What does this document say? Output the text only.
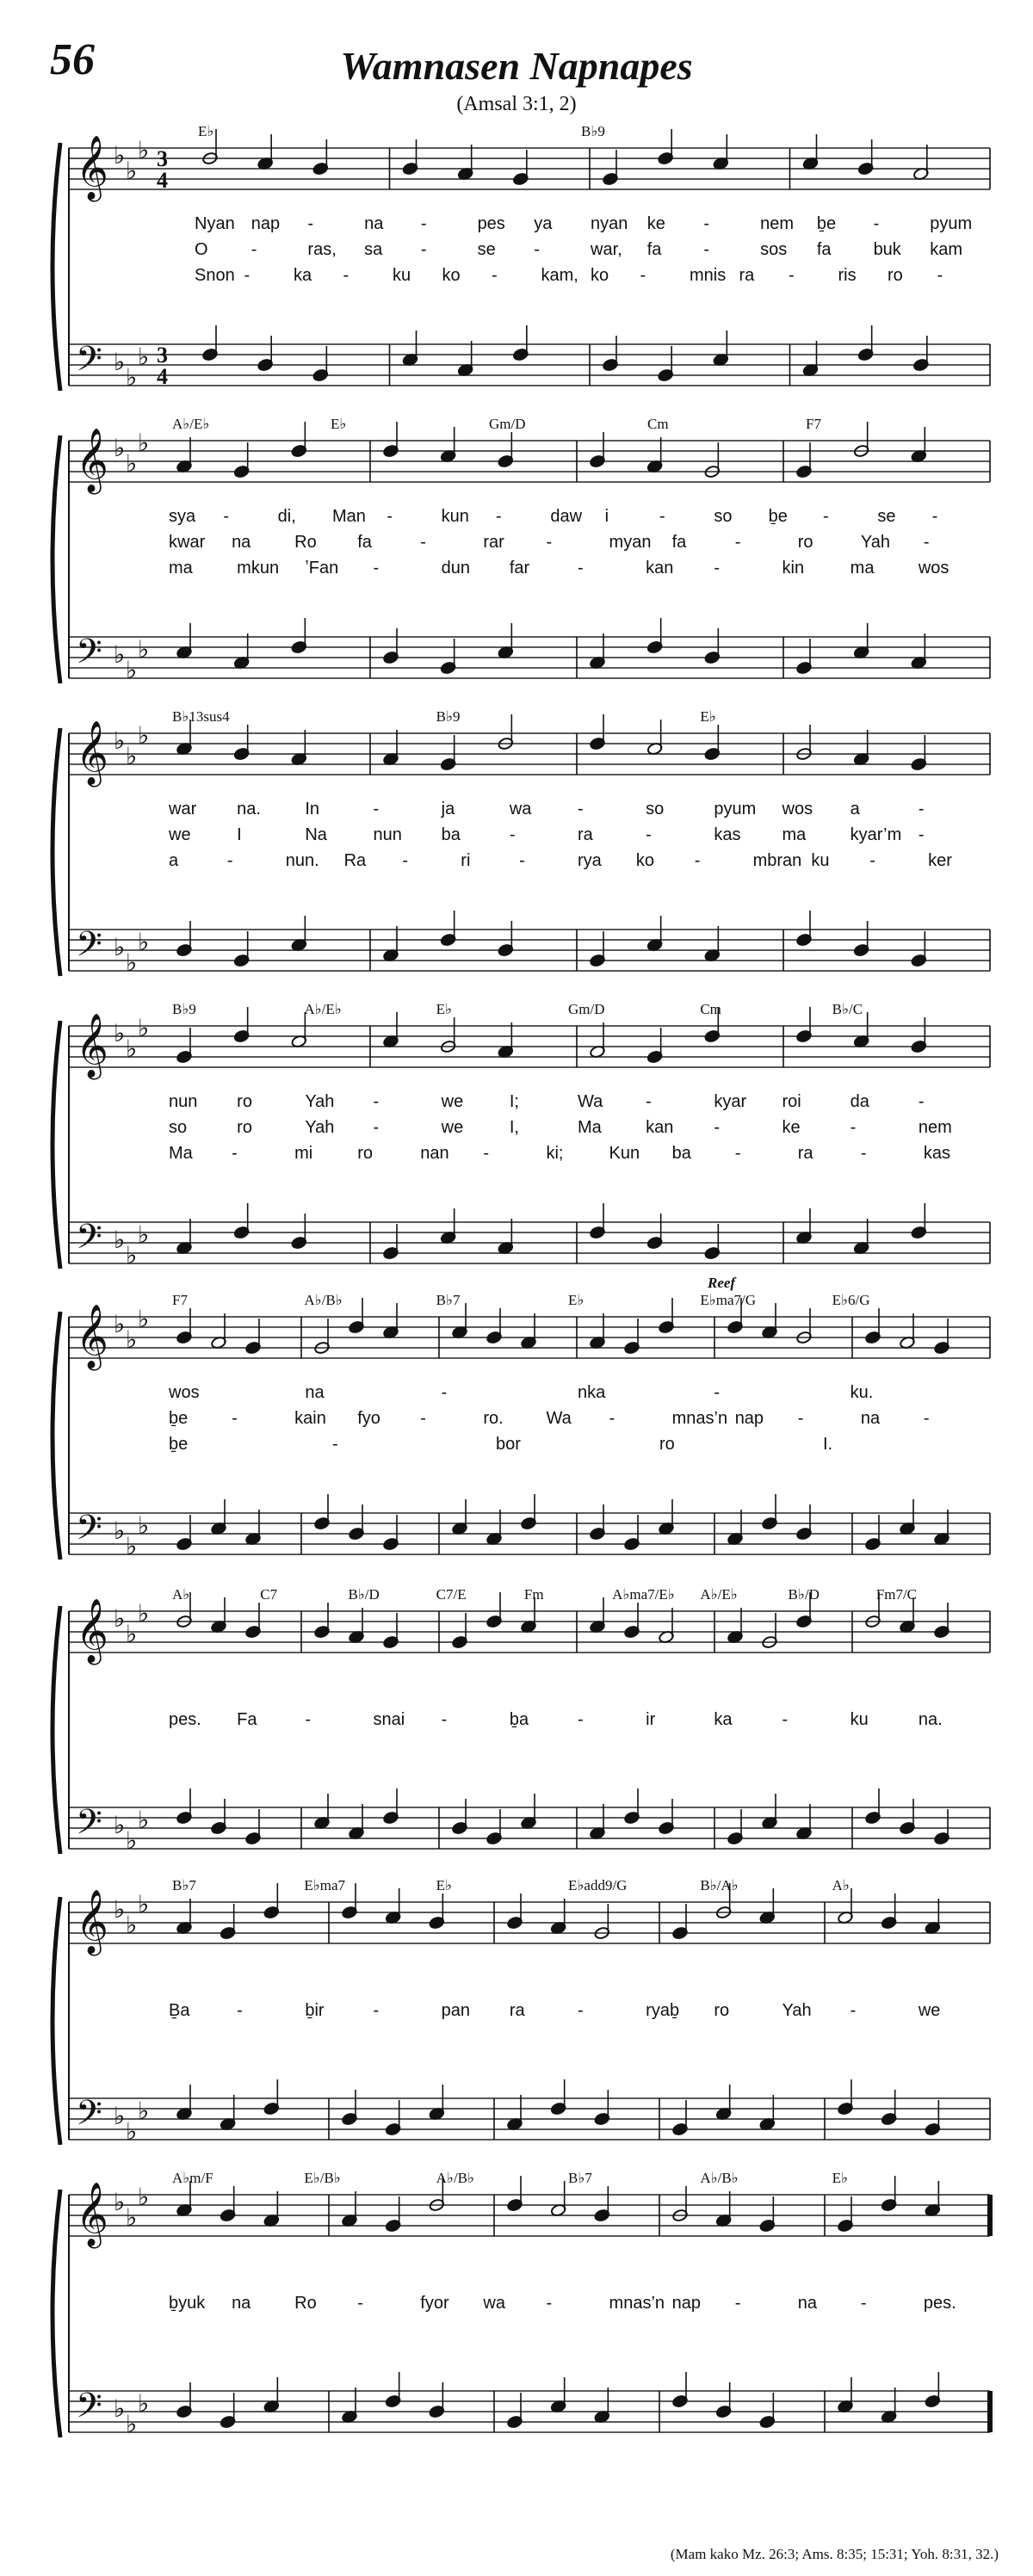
56	Wamnasen Napnapes
(Amsal 3:1, 2)
𝄞 ♭
♭
♭ 3
4
𝄢 ♭
♭
♭ 3
4
E♭	B♭9
Nyan nap -	na -	pes ya nyan ke -	nem ḇe -	pyum
O	-	ras, sa -	se -	war, fa -	sos fa buk kam
Snon -	ka -	ku ko -	kam, ko -	mnis ra -	ris ro -
𝄞 ♭
♭
♭
𝄢 ♭
♭
♭
A♭/E♭	E♭	Gm/D	Cm	F7
sya -	di, Man -	kun -	daw i	-	so ḇe -	se -
kwar na	Ro fa	-	rar -	myan fa	-	ro	Yah -
ma	mkun ʼFan -	dun far	-	kan -	kin	ma	wos
𝄞 ♭
♭
♭
𝄢 ♭
♭
♭
B♭13sus4	B♭9	E♭
war na.	In	-	ja	wa	-	so	pyum wos a	-
we	I	Na	nun ba	-	ra	-	kas ma	kyar’m -
a	-	nun. Ra -	ri	-	rya ko -	mbran ku -	ker
𝄞 ♭
♭
♭
𝄢 ♭
♭
♭
B♭9	A♭/E♭	E♭	Gm/D	Cm	B♭/C
nun ro	Yah -	we	I;	Wa -	kyar roi	da	-
so	ro	Yah -	we	I,	Ma	kan -	ke	-	nem
Ma -	mi	ro	nan -	ki;	Kun ba	-	ra	-	kas
𝄞 ♭
♭
♭
𝄢 ♭
♭
♭
F7	A♭/B♭	B♭7	E♭	E♭ma7/G	E♭6/G
Reef
wos	na	-	nka	-	ku.
ḇe	-	kain fyo -	ro. Wa -	mnas’n nap -	na	-
ḇe	-	bor	ro	I.
𝄞 ♭
♭
♭
𝄢 ♭
♭
♭
A♭	C7	B♭/D	C7/E	Fm	A♭ma7/E♭ A♭/E♭	B♭/D	Fm7/C
pes. Fa	-	snai -	ḇa	-	ir	ka	-	ku	na.
𝄞 ♭
♭
♭
𝄢 ♭
♭
♭
B♭7	E♭ma7	E♭	E♭add9/G	B♭/A♭	A♭
Ḇa	-	ḇir	-	pan ra	-	ryaḇ ro	Yah -	we
𝄞 ♭
♭
♭
𝄢 ♭
♭
♭
A♭m/F	E♭/B♭	A♭/B♭	B♭7	A♭/B♭	E♭
ḇyuk na	Ro -	fyor wa -	mnas’n nap -	na	-	pes.
(Mam kako Mz. 26:3; Ams. 8:35; 15:31; Yoh. 8:31, 32.)
